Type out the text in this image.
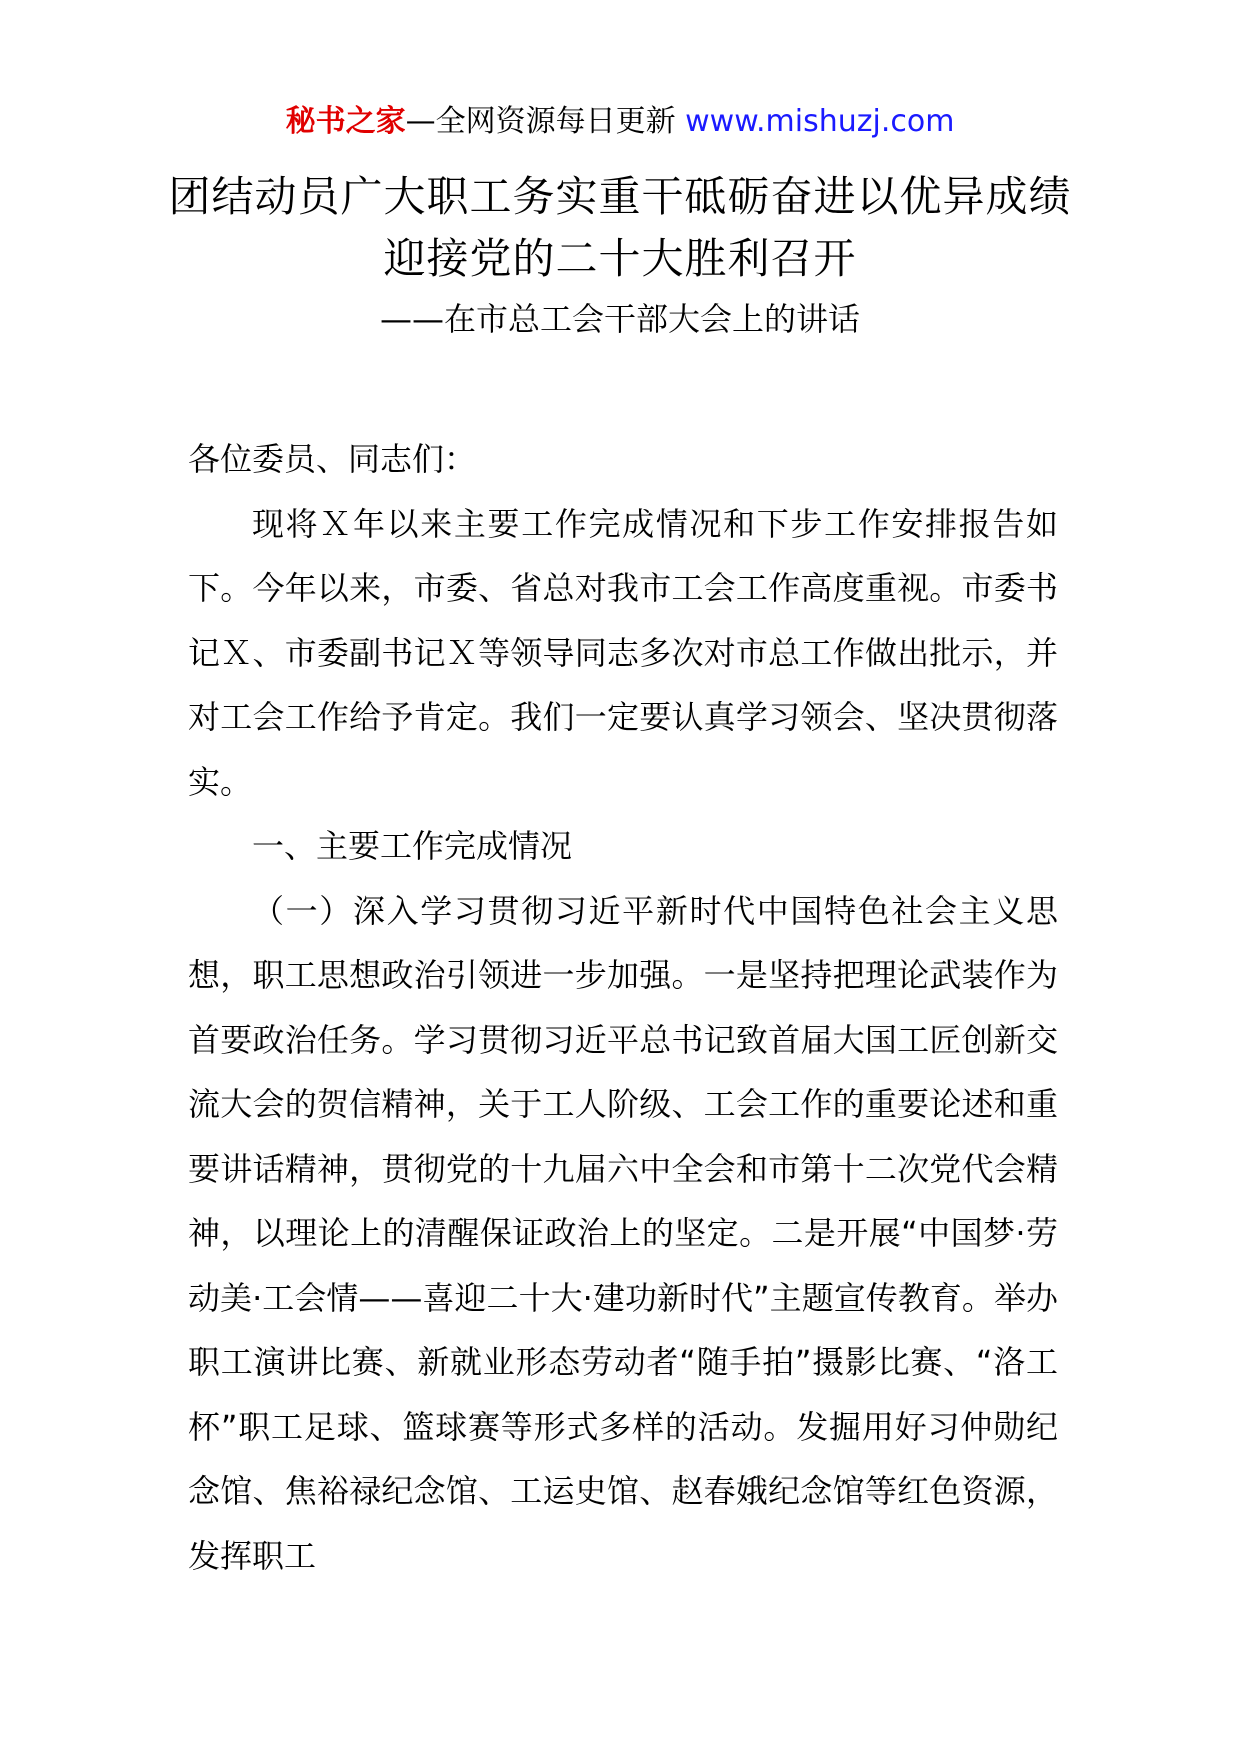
秘书之家—全网资源每日更新 www.mishuzj.com
团结动员广大职工务实重干砥砺奋进以优异成绩迎接党的二十大胜利召开

——在市总工会干部大会上的讲话

各位委员、同志们：

现将Ｘ年以来主要工作完成情况和下步工作安排报告如下。今年以来，市委、省总对我市工会工作高度重视。市委书记Ｘ、市委副书记Ｘ等领导同志多次对市总工作做出批示，并对工会工作给予肯定。我们一定要认真学习领会、坚决贯彻落实。

一、主要工作完成情况

（一）深入学习贯彻习近平新时代中国特色社会主义思想，职工思想政治引领进一步加强。一是坚持把理论武装作为首要政治任务。学习贯彻习近平总书记致首届大国工匠创新交流大会的贺信精神，关于工人阶级、工会工作的重要论述和重要讲话精神，贯彻党的十九届六中全会和市第十二次党代会精神，以理论上的清醒保证政治上的坚定。二是开展“中国梦·劳动美·工会情——喜迎二十大·建功新时代”主题宣传教育。举办职工演讲比赛、新就业形态劳动者“随手拍”摄影比赛、“洛工杯”职工足球、篮球赛等形式多样的活动。发掘用好习仲勋纪念馆、焦裕禄纪念馆、工运史馆、赵春娥纪念馆等红色资源，发挥职工
